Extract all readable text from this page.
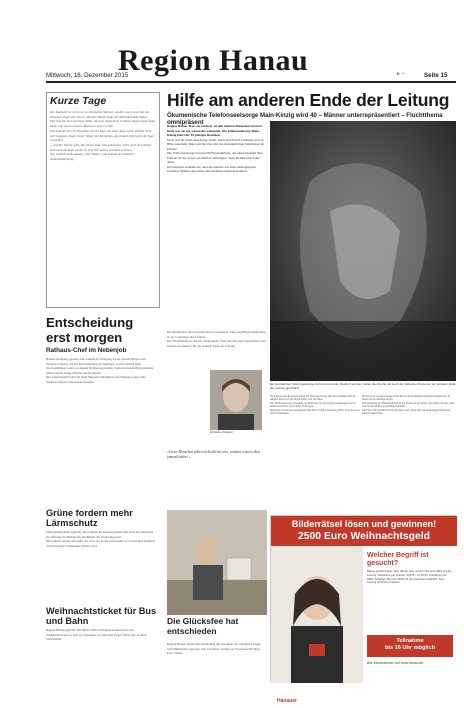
Region Hanau
Mittwoch, 16. Dezember 2015	► ▪	Seite 15
Kurze Tage

Der Kalender ist nicht nur ein tückischer Mensch, sondern auch einer mit den kürzesten Tagen des Jahres. Mit dem Winter endet die Kalenderhürde Winter.

Das sind die drei wichtigen Sätze, die man tatsächlich in diesen Tagen sagen kann. Dann sagt man an diesen Tagen nur eines: schön.

Das sind die drei im Dezember kurzen Tage, die eines Tages wird, und die nicht sehr langsam. Dann ist der Winter der Menschen, die einfach nicht gern die Tage vorstellen.

... und die Wärme wird, die kurzen Tage sind gekommen. Kurz nach dem Winter sind auch die Tage wieder so hell. Wir wollen vorwärts schauen.

Das Gedicht hieß anfangs »Der Winter« und stammt aus Kästners Gedichtsammlung.

Entscheidung erst morgen
Rathaus-Chef im Nebenjob

Hanau-Wolfgang (jgn/dz). Die Lösung in Wolfgang ist die ganzen Bürger und Stadtverordneten, die für die Einsetzung im Nebenjob verantwortlich sind.

Die Kandidaten sollen an diesem Donnerstag stellen. Stellvertretende Bürgermeister haben bereits einige Schritte unternommen.

Der Landesbezirk kann für mehr Bürgerbeteiligung in der Sitzung sorgen. Die Stadtverordneten entscheiden morgen.

Grüne fordern mehr Lärmschutz

Main-Kinzig-Kreis (jgn/dz). Die Grünen im Kreistag haben sich nach der Anhörung zur Öffnung der Brücke für die Bürger der Stadt eingesetzt.

Die Grünen setzen sich dafür ein, dass die Straße nicht mehr von Lastwagen befahren wird und mehr Lärmschutz gebaut wird.

Weihnachtsticket für Bus und Bahn

Region Hanau (jgn/dz). Der Rhein-Main-Verkehrsverbund bietet das Weihnachtsticket ab dem 24. Dezember an. Mit dem Ticket fahren Sie zu allen Verwandten.

Hilfe am anderen Ende der Leitung
Ökumenische Telefonseelsorge Main-Kinzig wird 40 – Männer unterrepräsentiert – Fluchtthema omnipräsent

Region Hanau. Dass sie existiert, ist den meisten Menschen bewusst. Doch was sie tut, wissen die wenigsten. Die Telefonseelsorge Main-Kinzig feiert ihr 40-jähriges Bestehen.

Doch wer die Telefonseelsorge anruft, kann sich darauf verlassen, dass er Hilfe bekommt. Rund um die Uhr sind die ehrenamtlichen Mitarbeiter im Einsatz.

Die Telefonseelsorge hat rund 80 Ehrenamtliche, die einen Großteil ihrer Freizeit für die Arbeit am Telefon aufbringen. Viele bleiben über Jahre dabei.

Im Gespräch erzählen sie, dass die Anrufer aus allen Altersgruppen kommen. Männer sind unter den Anrufern unterrepräsentiert.

Ein Großteil der Telefonseelsorge ist für Anonymität. Dadurch werden neben die Anrufer als auch die helfenden Personen am anderen Ende der Leitung geschützt.

Die Mitarbeiter sind auf jeden Anruf vorbereitet. Eine sorgfältige Ausbildung ist die Grundlage ihrer Arbeit.

Das Fluchtthema ist derzeit omnipräsent. Viele Anrufer sind verunsichert und suchen ein offenes Ohr am anderen Ende der Leitung.

Christine Klepper

doch ihre Kontrolle und im Alltag die Telefonseelsorge aber als Sicherheit. Für die Anrufer bietet sich die Möglichkeit, sich zu öffnen.

Die Telefonseelsorge unterstützt die Menschen in schwierigen Lebenslagen und ist immer erreichbar, auch an den Feiertagen.

Insgesamt wurden im vergangenen Jahr über 10 000 Gespräche geführt, viele davon in den Nachtstunden.

Professor Dr. Gerhard Stanke selbst hat bei der Gründung maßgeblich mitgewirkt. Er blickt auf die Anfänge zurück.

Die Vergütung der Ehrenamtlichen ist die Freude an der Arbeit. Wer helfen möchte, kann sich für die nächste Ausbildung anmelden.

Die Feier zum Jubiläum findet im Januar statt. Dazu sind alle ehemaligen Mitarbeiter herzlich eingeladen.

»Unser Menschen sollen nicht alleine sein, sondern wissen, dass jemand zuhört.«
Die Glücksfee hat entschieden

Region Hanau. Weber hat am Montag die Gewinner der richtigen Lösung vom Bilderrätsel gezogen. Die Gewinner werden per Post benachrichtigt.

Foto: Weber

Bilderrätsel lösen und gewinnen!
2500 Euro Weihnachtsgeld
Hanauer
Welcher Begriff ist gesucht?
Rätsel gelöst? Dann rufen Sie an oder senden Sie eine SMS mit der Lösung. Teilnahme per Telefon: 01378 / 10 16 09. Teilnahme per SMS: Schicken Sie eine SMS mit dem Stichwort HANAU, Ihrer Lösung und Ihrem Namen.
Teilnahme
bis 16 Uhr möglich
Alle Informationen auf www.hanau.de
